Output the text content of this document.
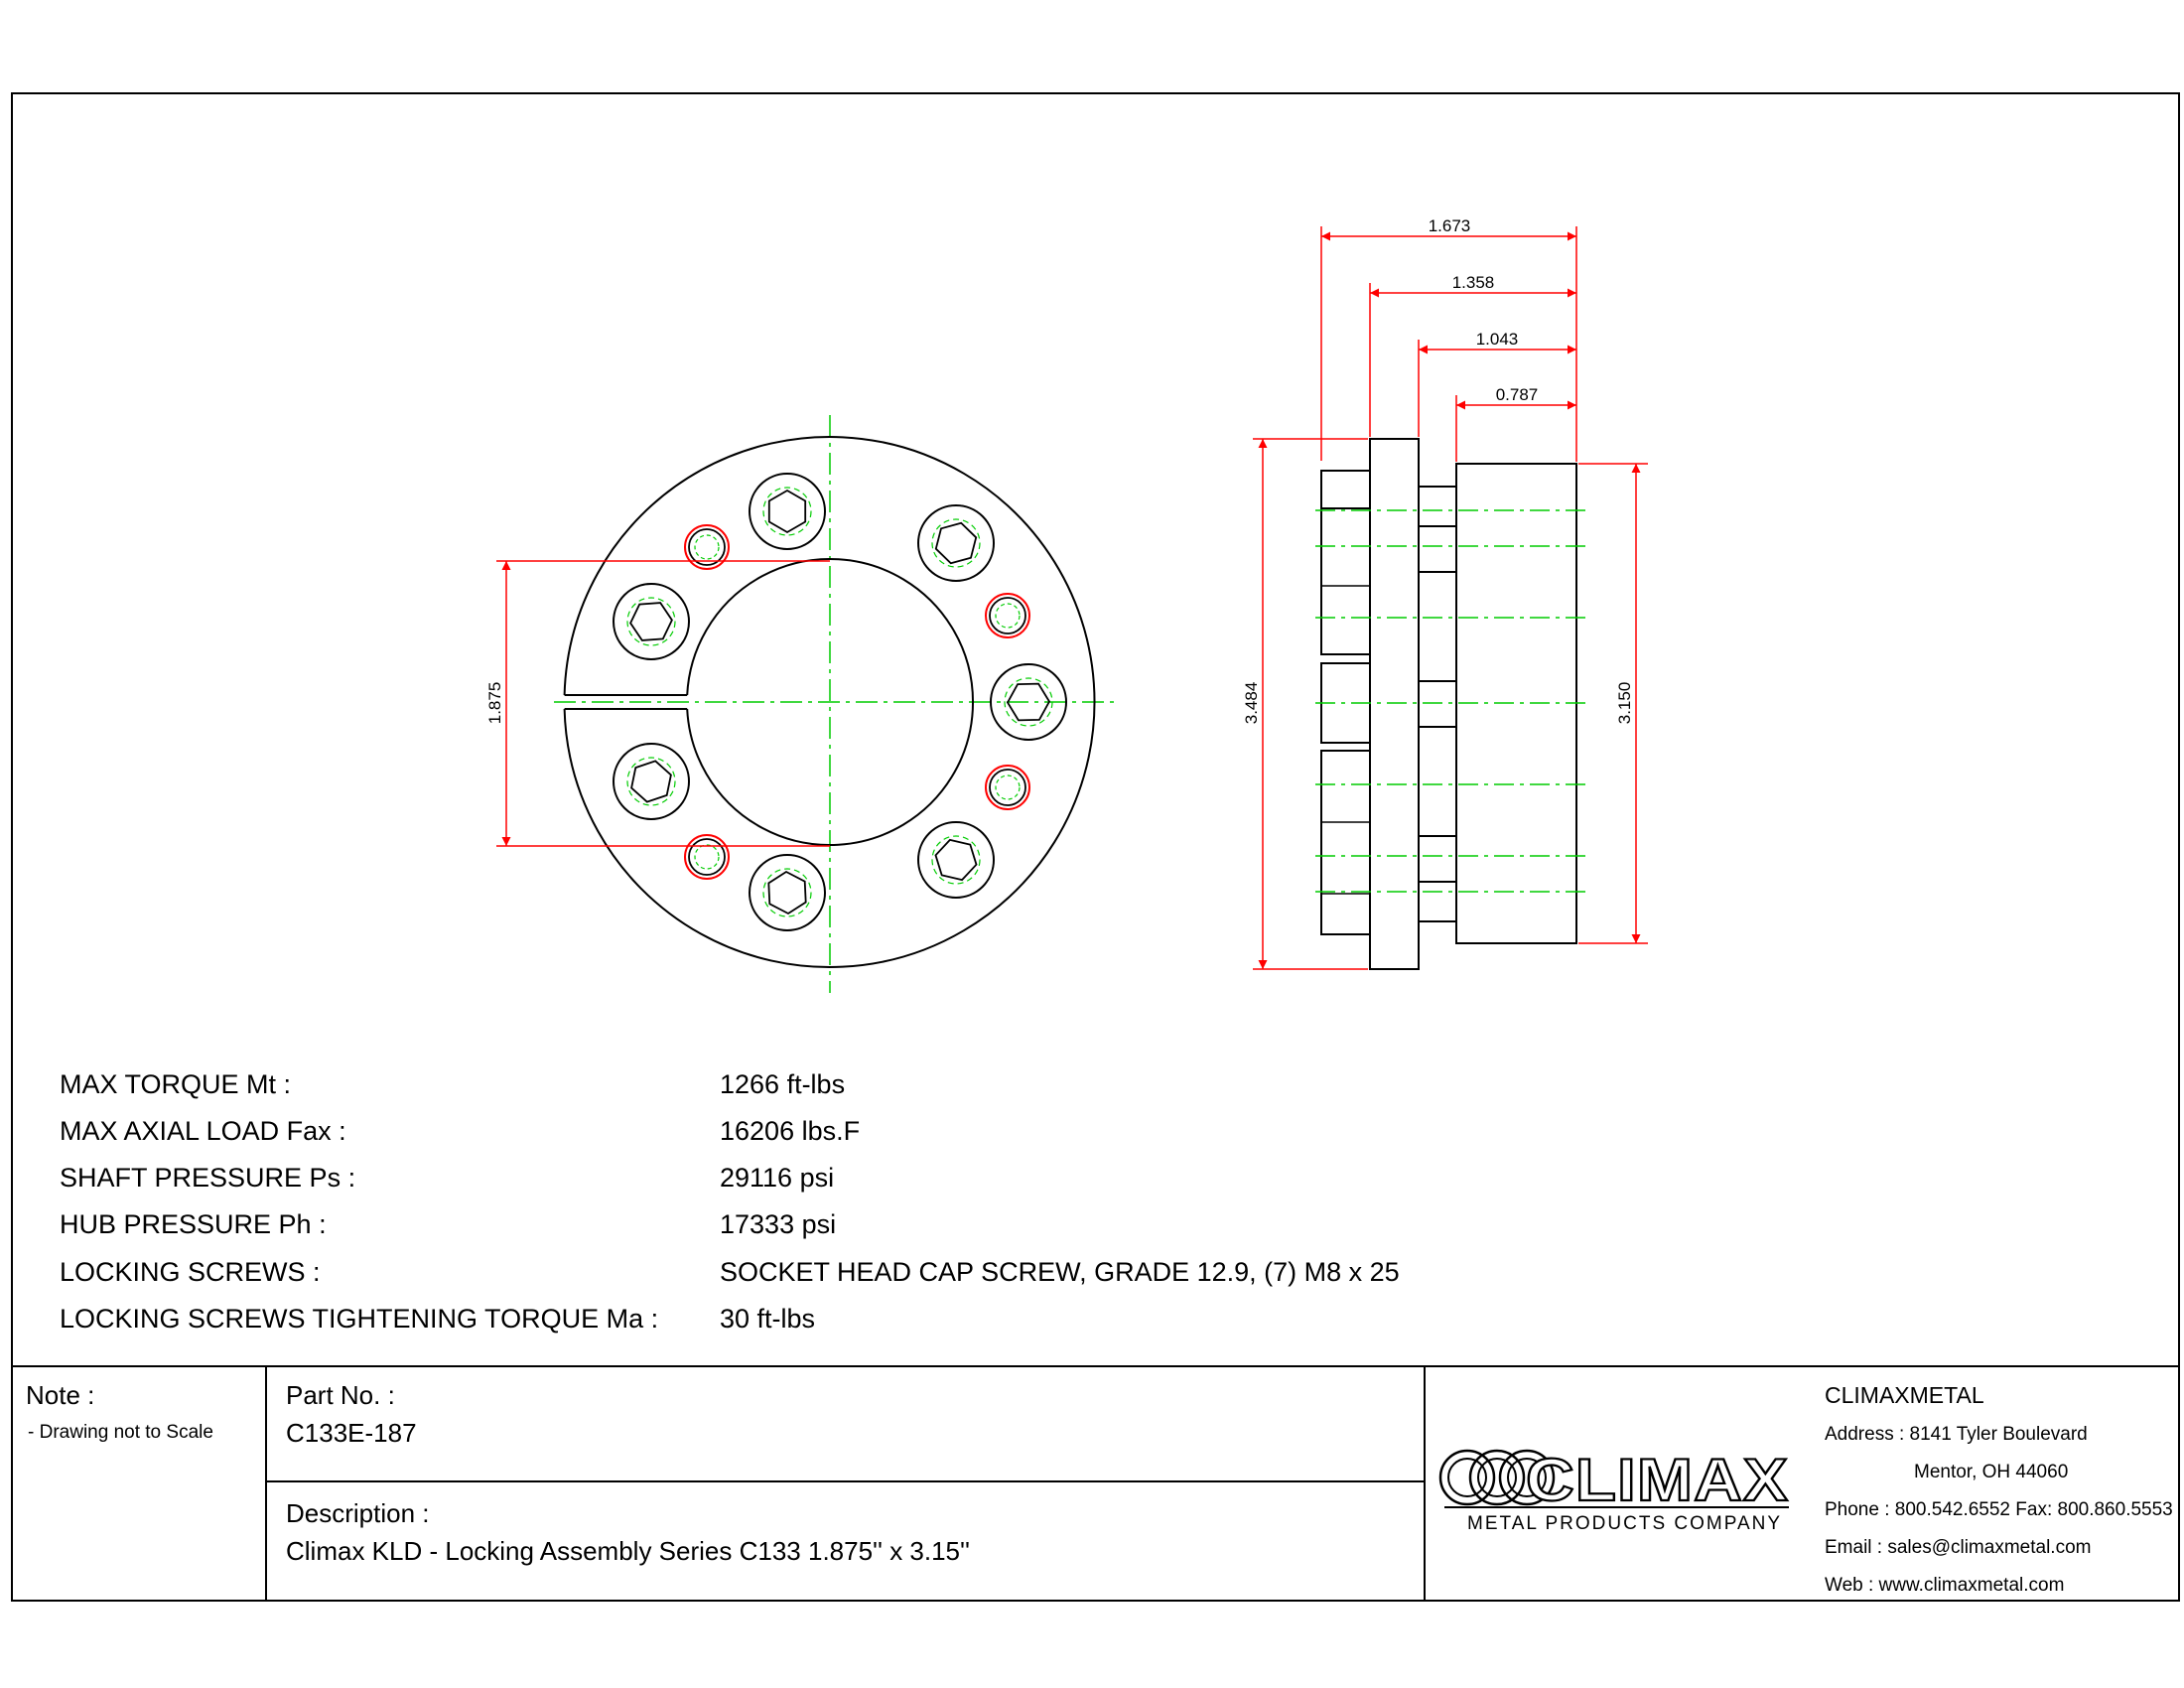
1.875
1.673
1.358
1.043
0.787
3.484	3.150
CLIMAX
MAX TORQUE Mt :	1266 ft-lbs
MAX AXIAL LOAD Fax :	16206 lbs.F
SHAFT PRESSURE Ps :	29116 psi
HUB PRESSURE Ph :	17333 psi
LOCKING SCREWS :	SOCKET HEAD CAP SCREW, GRADE 12.9, (7) M8 x 25
LOCKING SCREWS TIGHTENING TORQUE Ma : 30 ft-lbs
Note :
- Drawing not to Scale
Part No. :
C133E-187
Description :
Climax KLD - Locking Assembly Series C133 1.875'' x 3.15''
METAL PRODUCTS COMPANY
CLIMAXMETAL
Address : 8141 Tyler Boulevard
Mentor, OH 44060
Phone : 800.542.6552 Fax: 800.860.5553
Email : sales@climaxmetal.com
Web : www.climaxmetal.com
